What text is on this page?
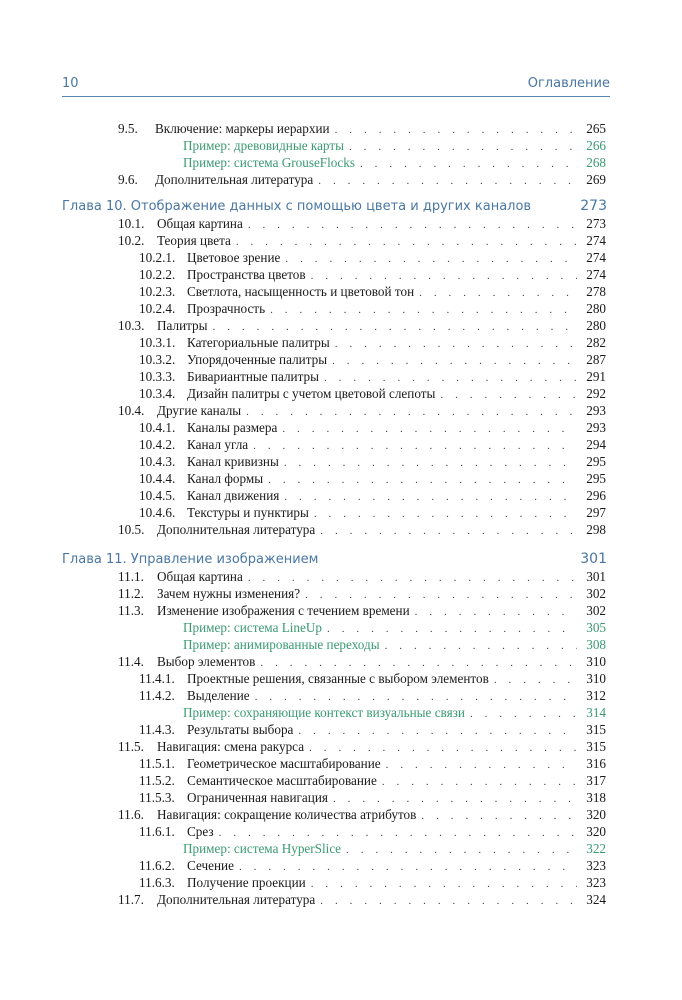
10	Оглавление
9.5.	Включение: маркеры иерархии . . .	265
Пример: древовидные карты . . .	266
Пример: система GrouseFlocks . . .	268
9.6.	Дополнительная литература . . .	269
Глава 10. Отображение данных с помощью цвета и других каналов	273
10.1. Общая картина . . .	273
10.2. Теория цвета . . .	274
10.2.1. Цветовое зрение . . .	274
10.2.2. Пространства цветов . . .	274
10.2.3. Светлота, насыщенность и цветовой тон . . .	278
10.2.4. Прозрачность . . .	280
10.3. Палитры . . .	280
10.3.1. Категориальные палитры . . .	282
10.3.2. Упорядоченные палитры . . .	287
10.3.3. Бивариантные палитры . . .	291
10.3.4. Дизайн палитры с учетом цветовой слепоты . . .	292
10.4. Другие каналы . . .	293
10.4.1. Каналы размера . . .	293
10.4.2. Канал угла . . .	294
10.4.3. Канал кривизны . . .	295
10.4.4. Канал формы . . .	295
10.4.5. Канал движения . . .	296
10.4.6. Текстуры и пунктиры . . .	297
10.5. Дополнительная литература . . .	298
Глава 11. Управление изображением	301
11.1. Общая картина . . .	301
11.2. Зачем нужны изменения? . . .	302
11.3. Изменение изображения с течением времени . . .	302
Пример: система LineUp . . .	305
Пример: анимированные переходы . . .	308
11.4. Выбор элементов . . .	310
11.4.1. Проектные решения, связанные с выбором элементов . . .	310
11.4.2. Выделение . . .	312
Пример: сохраняющие контекст визуальные связи . . .	314
11.4.3. Результаты выбора . . .	315
11.5. Навигация: смена ракурса . . .	315
11.5.1. Геометрическое масштабирование . . .	316
11.5.2. Семантическое масштабирование . . .	317
11.5.3. Ограниченная навигация . . .	318
11.6. Навигация: сокращение количества атрибутов . . .	320
11.6.1. Срез . . .	320
Пример: система HyperSlice . . .	322
11.6.2. Сечение . . .	323
11.6.3. Получение проекции . . .	323
11.7. Дополнительная литература . . .	324
